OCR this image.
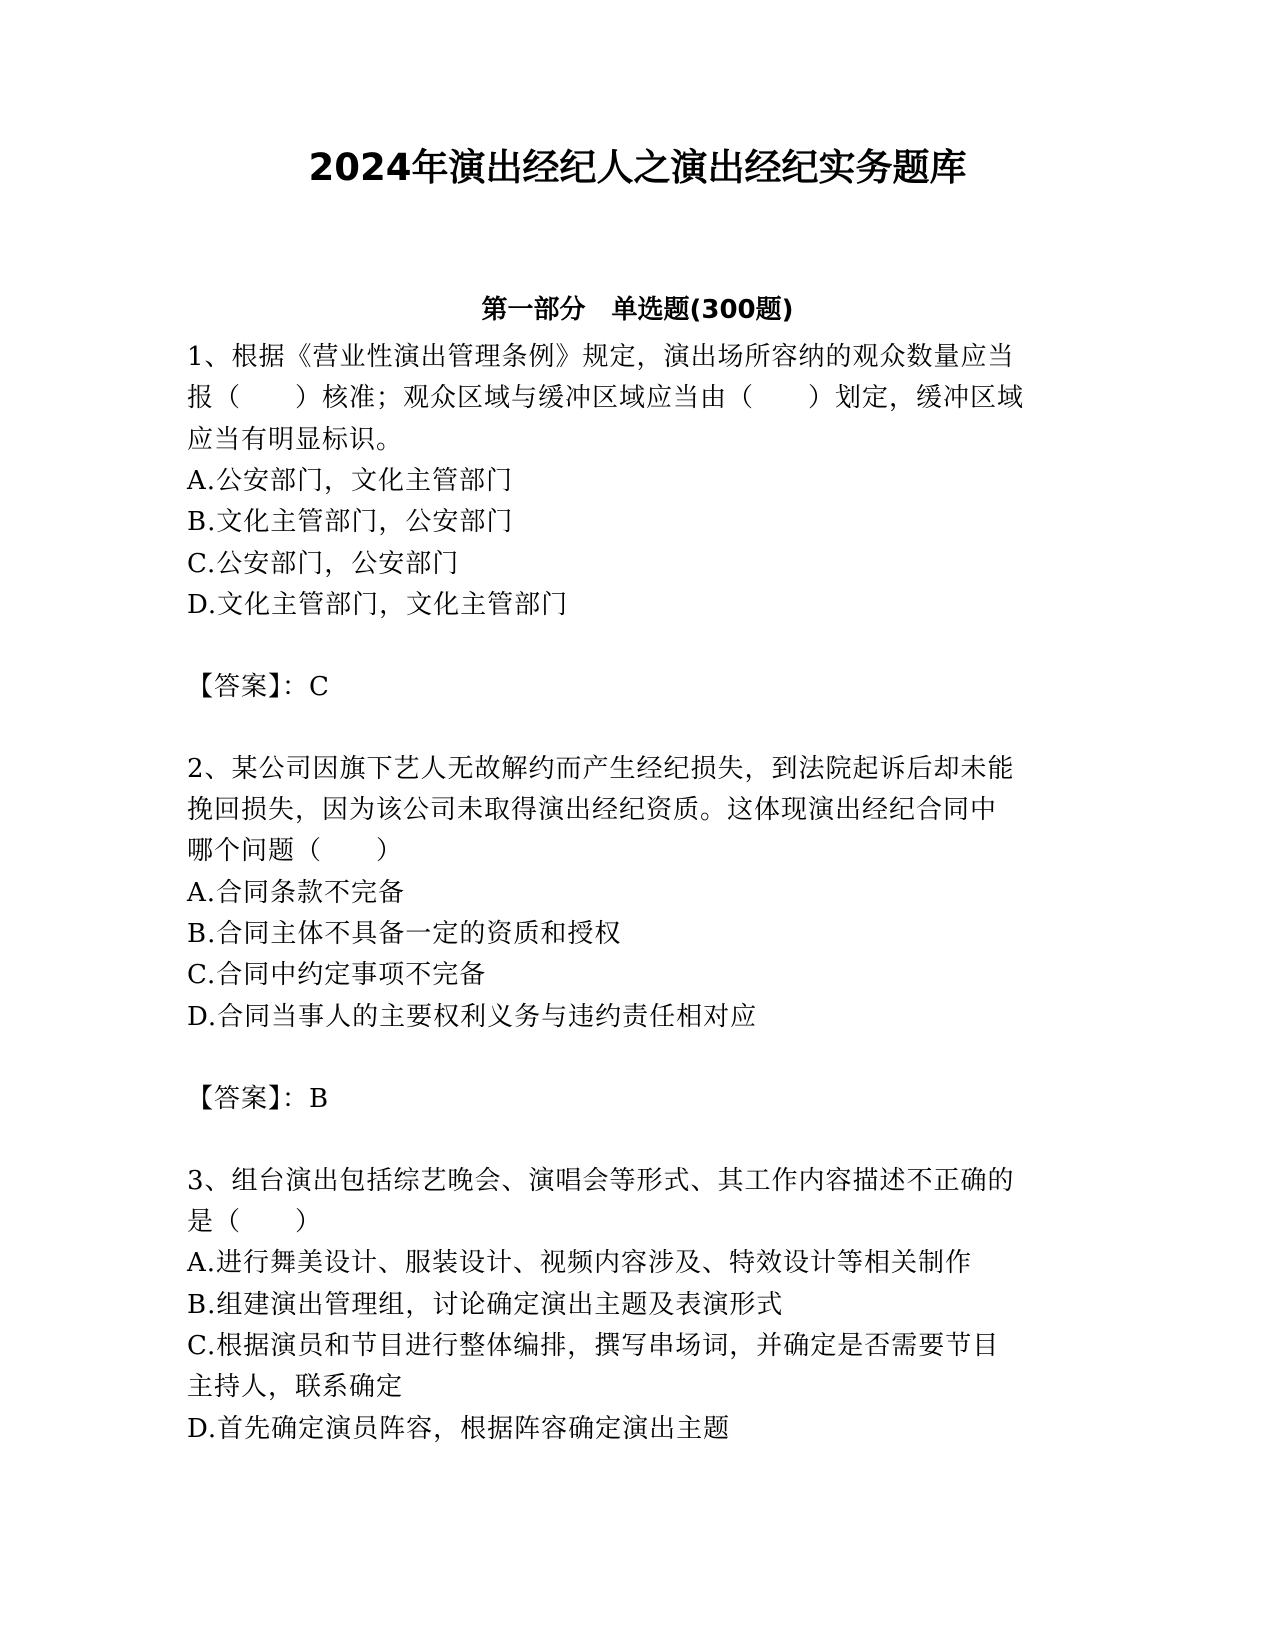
2024年演出经纪人之演出经纪实务题库
第一部分　单选题(300题)
1、根据《营业性演出管理条例》规定，演出场所容纳的观众数量应当
报（　　）核准；观众区域与缓冲区域应当由（　　）划定，缓冲区域
应当有明显标识。
A.公安部门，文化主管部门
B.文化主管部门，公安部门
C.公安部门，公安部门
D.文化主管部门，文化主管部门
【答案】：C
2、某公司因旗下艺人无故解约而产生经纪损失，到法院起诉后却未能
挽回损失，因为该公司未取得演出经纪资质。这体现演出经纪合同中
哪个问题（　　）
A.合同条款不完备
B.合同主体不具备一定的资质和授权
C.合同中约定事项不完备
D.合同当事人的主要权利义务与违约责任相对应
【答案】：B
3、组台演出包括综艺晚会、演唱会等形式、其工作内容描述不正确的
是（　　）
A.进行舞美设计、服装设计、视频内容涉及、特效设计等相关制作
B.组建演出管理组，讨论确定演出主题及表演形式
C.根据演员和节目进行整体编排，撰写串场词，并确定是否需要节目
主持人，联系确定
D.首先确定演员阵容，根据阵容确定演出主题
